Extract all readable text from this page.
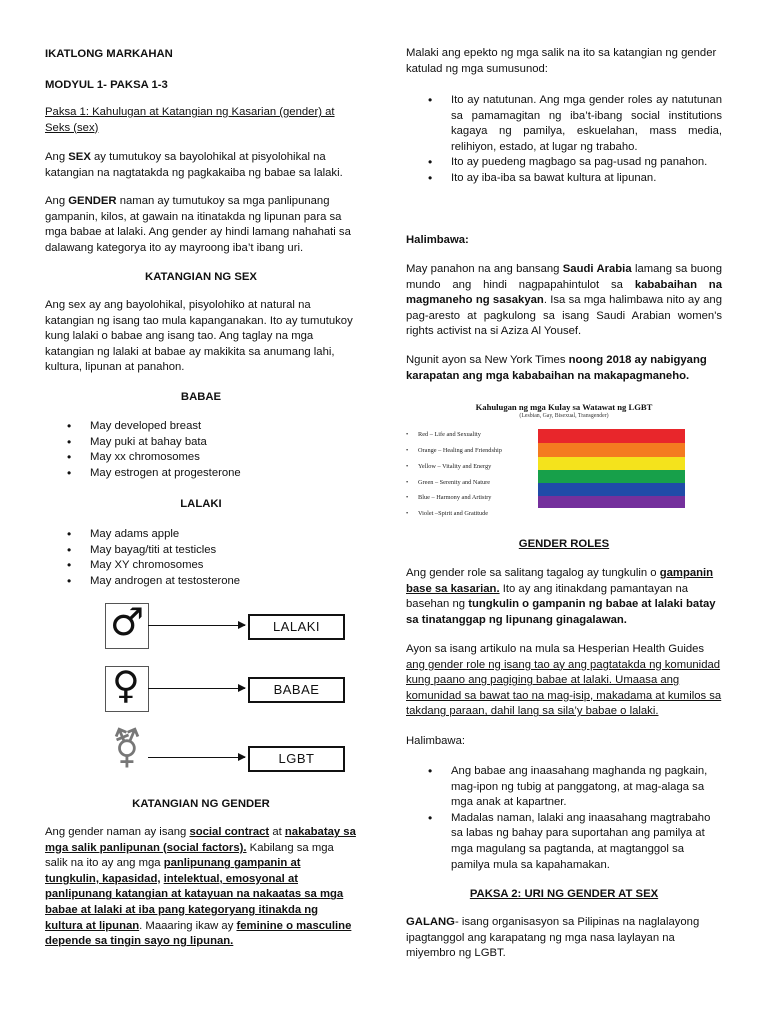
IKATLONG MARKAHAN

MODYUL 1- PAKSA 1-3

Paksa 1: Kahulugan at Katangian ng Kasarian (gender) at Seks (sex)

Ang SEX ay tumutukoy sa bayolohikal at pisyolohikal na katangian na nagtatakda ng pagkakaiba ng babae sa lalaki.

Ang GENDER naman ay tumutukoy sa mga panlipunang gampanin, kilos, at gawain na itinatakda ng lipunan para sa mga babae at lalaki. Ang gender ay hindi lamang nahahati sa dalawang kategorya ito ay mayroong iba’t ibang uri.

KATANGIAN NG SEX

Ang sex ay ang bayolohikal, pisyolohiko at natural na katangian ng isang tao mula kapanganakan. Ito ay tumutukoy kung lalaki o babae ang isang tao. Ang taglay na mga katangian ng lalaki at babae ay makikita sa anumang lahi, kultura, lipunan at panahon.

BABAE

• May developed breast
• May puki at bahay bata
• May xx chromosomes
• May estrogen at progesterone

LALAKI

• May adams apple
• May bayag/titi at testicles
• May XY chromosomes
• May androgen at testosterone

KATANGIAN NG GENDER

Ang gender naman ay isang social contract at nakabatay sa mga salik panlipunan (social factors). Kabilang sa mga salik na ito ay ang mga panlipunang gampanin at tungkulin, kapasidad, intelektual, emosyonal at panlipunang katangian at katayuan na nakaatas sa mga babae at lalaki at iba pang kategoryang itinakda ng kultura at lipunan. Maaaring ikaw ay feminine o masculine depende sa tingin sayo ng lipunan.

♂	LALAKI
♀	BABAE
⚧	LGBT

Malaki ang epekto ng mga salik na ito sa katangian ng gender katulad ng mga sumusunod:

• Ito ay natutunan. Ang mga gender roles ay natutunan sa pamamagitan ng iba’t-ibang social institutions kagaya ng pamilya, eskuelahan, mass media, relihiyon, estado, at lugar ng trabaho.
• Ito ay puedeng magbago sa pag-usad ng panahon.
• Ito ay iba-iba sa bawat kultura at lipunan.

Halimbawa:

May panahon na ang bansang Saudi Arabia lamang sa buong mundo ang hindi nagpapahintulot sa kababaihan na magmaneho ng sasakyan. Isa sa mga halimbawa nito ay ang pag-aresto at pagkulong sa isang Saudi Arabian women's rights activist na si Aziza Al Yousef.

Ngunit ayon sa New York Times noong 2018 ay nabigyang karapatan ang mga kababaihan na makapagmaneho.

Kahulugan ng mga Kulay sa Watawat ng LGBT
(Lesbian, Gay, Bisexual, Transgender)
• Red – Life and Sexuality
• Orange – Healing and Friendship
• Yellow – Vitality and Energy
• Green – Serenity and Nature
• Blue – Harmony and Artistry
• Violet –Spirit and Gratitude

GENDER ROLES

Ang gender role sa salitang tagalog ay tungkulin o gampanin base sa kasarian. Ito ay ang itinakdang pamantayan na basehan ng tungkulin o gampanin ng babae at lalaki batay sa tinatanggap ng lipunang ginagalawan.

Ayon sa isang artikulo na mula sa Hesperian Health Guides ang gender role ng isang tao ay ang pagtatakda ng komunidad kung paano ang pagiging babae at lalaki. Umaasa ang komunidad sa bawat tao na mag-isip, makadama at kumilos sa takdang paraan, dahil lang sa sila’y babae o lalaki.

Halimbawa:

• Ang babae ang inaasahang maghanda ng pagkain, mag-ipon ng tubig at panggatong, at mag-alaga sa mga anak at kapartner.
• Madalas naman, lalaki ang inaasahang magtrabaho sa labas ng bahay para suportahan ang pamilya at mga magulang sa pagtanda, at magtanggol sa pamilya mula sa kapahamakan.

PAKSA 2: URI NG GENDER AT SEX

GALANG- isang organisasyon sa Pilipinas na naglalayong ipagtanggol ang karapatang ng mga nasa laylayan na miyembro ng LGBT.
